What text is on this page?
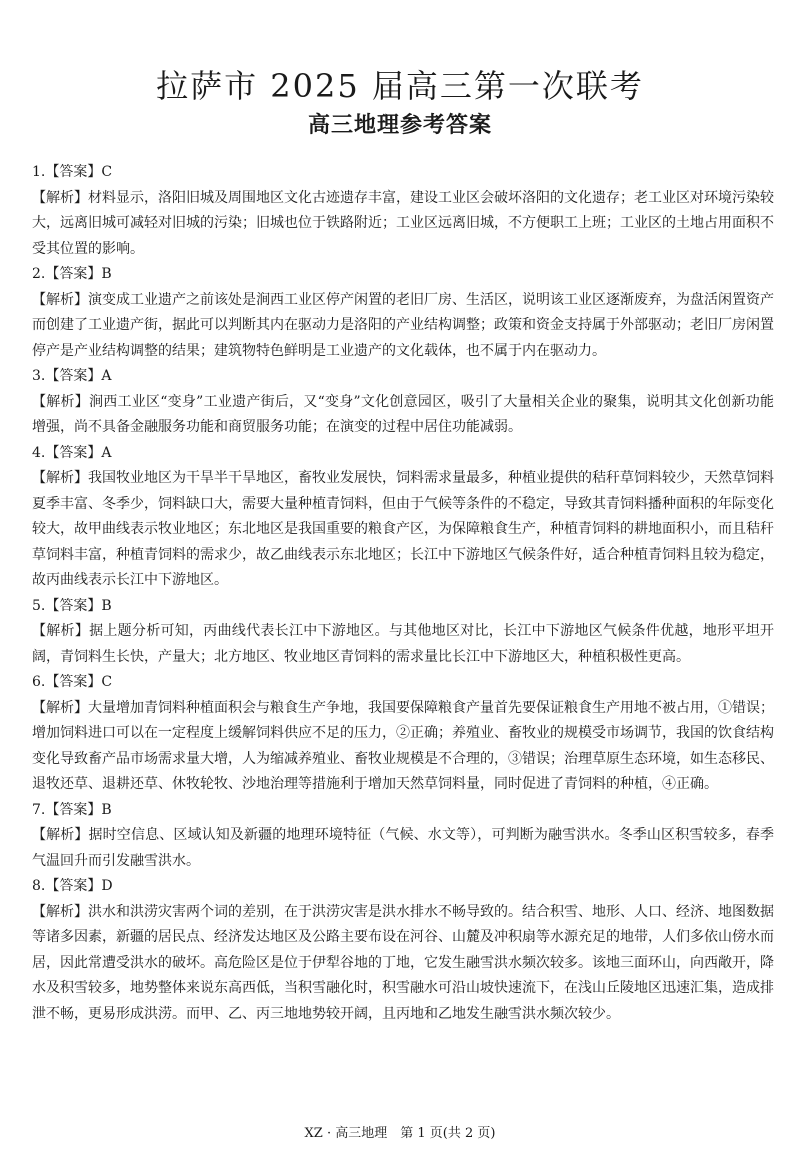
拉萨市 2025 届高三第一次联考
高三地理参考答案
1.【答案】C
【解析】材料显示，洛阳旧城及周围地区文化古迹遗存丰富，建设工业区会破坏洛阳的文化遗存；老工业区对环境污染较大，远离旧城可减轻对旧城的污染；旧城也位于铁路附近；工业区远离旧城，不方便职工上班；工业区的土地占用面积不受其位置的影响。
2.【答案】B
【解析】演变成工业遗产之前该处是涧西工业区停产闲置的老旧厂房、生活区，说明该工业区逐渐废弃，为盘活闲置资产而创建了工业遗产街，据此可以判断其内在驱动力是洛阳的产业结构调整；政策和资金支持属于外部驱动；老旧厂房闲置停产是产业结构调整的结果；建筑物特色鲜明是工业遗产的文化载体，也不属于内在驱动力。
3.【答案】A
【解析】涧西工业区“变身”工业遗产街后，又“变身”文化创意园区，吸引了大量相关企业的聚集，说明其文化创新功能增强，尚不具备金融服务功能和商贸服务功能；在演变的过程中居住功能减弱。
4.【答案】A
【解析】我国牧业地区为干旱半干旱地区，畜牧业发展快，饲料需求量最多，种植业提供的秸秆草饲料较少，天然草饲料夏季丰富、冬季少，饲料缺口大，需要大量种植青饲料，但由于气候等条件的不稳定，导致其青饲料播种面积的年际变化较大，故甲曲线表示牧业地区；东北地区是我国重要的粮食产区，为保障粮食生产，种植青饲料的耕地面积小，而且秸秆草饲料丰富，种植青饲料的需求少，故乙曲线表示东北地区；长江中下游地区气候条件好，适合种植青饲料且较为稳定，故丙曲线表示长江中下游地区。
5.【答案】B
【解析】据上题分析可知，丙曲线代表长江中下游地区。与其他地区对比，长江中下游地区气候条件优越，地形平坦开阔，青饲料生长快，产量大；北方地区、牧业地区青饲料的需求量比长江中下游地区大，种植积极性更高。
6.【答案】C
【解析】大量增加青饲料种植面积会与粮食生产争地，我国要保障粮食产量首先要保证粮食生产用地不被占用，①错误；增加饲料进口可以在一定程度上缓解饲料供应不足的压力，②正确；养殖业、畜牧业的规模受市场调节，我国的饮食结构变化导致畜产品市场需求量大增，人为缩减养殖业、畜牧业规模是不合理的，③错误；治理草原生态环境，如生态移民、退牧还草、退耕还草、休牧轮牧、沙地治理等措施利于增加天然草饲料量，同时促进了青饲料的种植，④正确。
7.【答案】B
【解析】据时空信息、区域认知及新疆的地理环境特征（气候、水文等），可判断为融雪洪水。冬季山区积雪较多，春季气温回升而引发融雪洪水。
8.【答案】D
【解析】洪水和洪涝灾害两个词的差别，在于洪涝灾害是洪水排水不畅导致的。结合积雪、地形、人口、经济、地图数据等诸多因素，新疆的居民点、经济发达地区及公路主要布设在河谷、山麓及冲积扇等水源充足的地带，人们多依山傍水而居，因此常遭受洪水的破坏。高危险区是位于伊犁谷地的丁地，它发生融雪洪水频次较多。该地三面环山，向西敞开，降水及积雪较多，地势整体来说东高西低，当积雪融化时，积雪融水可沿山坡快速流下，在浅山丘陵地区迅速汇集，造成排泄不畅，更易形成洪涝。而甲、乙、丙三地地势较开阔，且丙地和乙地发生融雪洪水频次较少。
XZ · 高三地理　第 1 页(共 2 页)
